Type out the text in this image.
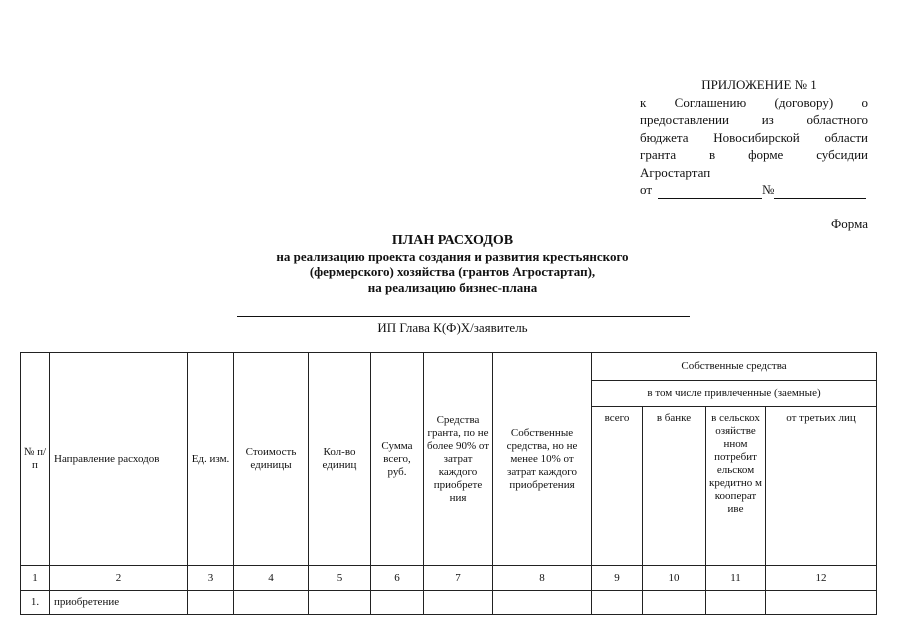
ПРИЛОЖЕНИЕ № 1
к Соглашению (договору) о
предоставлении из областного
бюджета Новосибирской области
гранта в форме субсидии
Агростартап
от	№
Форма
ПЛАН РАСХОДОВ
на реализацию проекта создания и развития крестьянского
(фермерского) хозяйства (грантов Агростартап),
на реализацию бизнес-плана
ИП Глава К(Ф)Х/заявитель
№ п/п	Направление расходов	Ед. изм.	Стоимость единицы	Кол-во единиц	Сумма всего, руб.	Средства гранта, по не более 90% от затрат каждого приобрете ния	Собственные средства, но не менее 10% от затрат каждого приобретения	Собственные средства			
								в том числе привлеченные (заемные)			
								всего	в банке	в сельскох озяйстве нном потребит ельском кредитно м кооперат иве	от третьих лиц
1	2	3	4	5	6	7	8	9	10	11	12
1.	приобретение										
